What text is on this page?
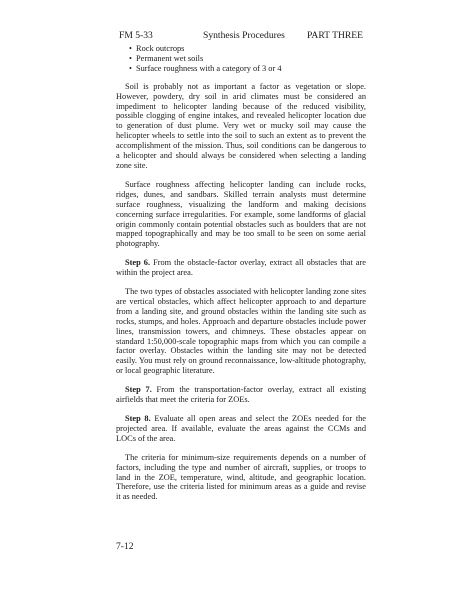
FM 5-33	Synthesis Procedures PART THREE
• Rock outcrops
• Permanent wet soils
• Surface roughness with a category of 3 or 4

Soil is probably not as important a factor as vegetation or slope. However, powdery, dry soil in arid climates must be considered an impediment to helicopter landing because of the reduced visibility, possible clogging of engine intakes, and revealed helicopter location due to generation of dust plume. Very wet or mucky soil may cause the helicopter wheels to settle into the soil to such an extent as to prevent the accomplishment of the mission. Thus, soil conditions can be dangerous to a helicopter and should always be considered when selecting a landing zone site.

Surface roughness affecting helicopter landing can include rocks, ridges, dunes, and sandbars. Skilled terrain analysts must determine surface roughness, visualizing the landform and making decisions concerning surface irregularities. For example, some landforms of glacial origin commonly contain potential obstacles such as boulders that are not mapped topographically and may be too small to be seen on some aerial photography.

Step 6. From the obstacle-factor overlay, extract all obstacles that are within the project area.

The two types of obstacles associated with helicopter landing zone sites are vertical obstacles, which affect helicopter approach to and departure from a landing site, and ground obstacles within the landing site such as rocks, stumps, and holes. Approach and departure obstacles include power lines, transmission towers, and chimneys. These obstacles appear on standard 1:50,000-scale topographic maps from which you can compile a factor overlay. Obstacles within the landing site may not be detected easily. You must rely on ground reconnaissance, low-altitude photography, or local geographic literature.

Step 7. From the transportation-factor overlay, extract all existing airfields that meet the criteria for ZOEs.

Step 8. Evaluate all open areas and select the ZOEs needed for the projected area. If available, evaluate the areas against the CCMs and LOCs of the area.

The criteria for minimum-size requirements depends on a number of factors, including the type and number of aircraft, supplies, or troops to land in the ZOE, temperature, wind, altitude, and geographic location. Therefore, use the criteria listed for minimum areas as a guide and revise it as needed.

7-12
